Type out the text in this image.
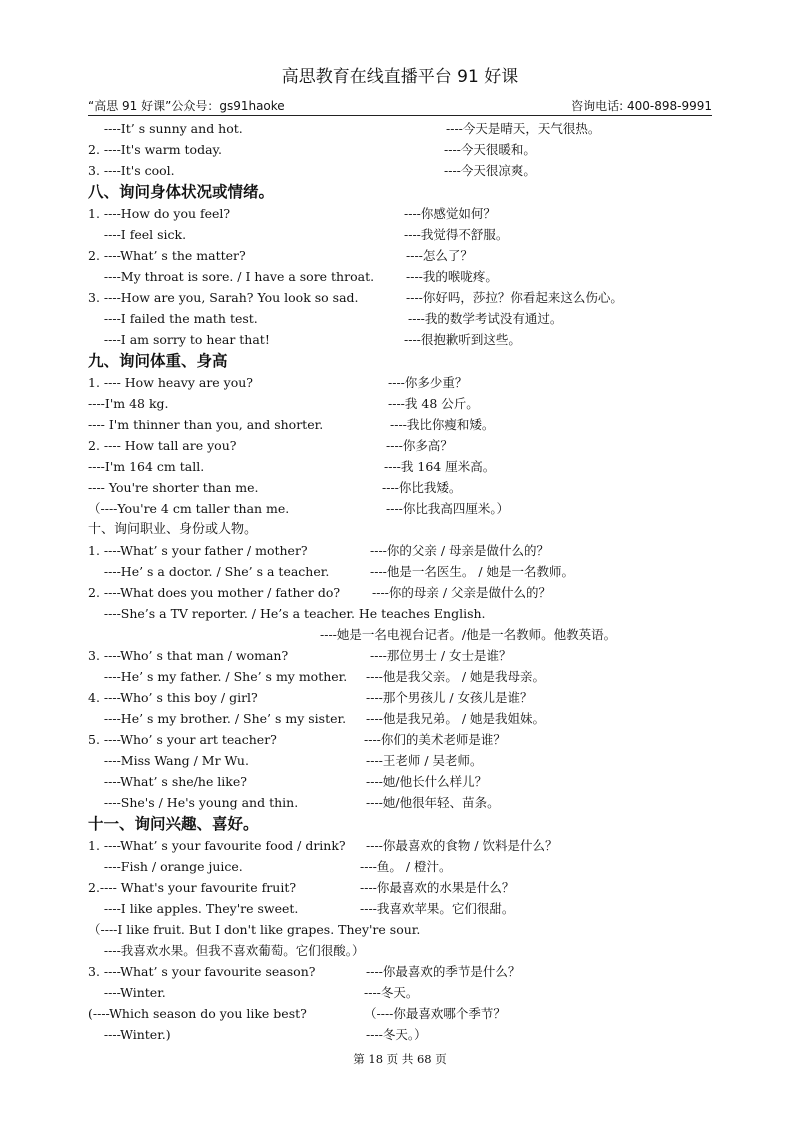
高思教育在线直播平台 91 好课
“高思 91 好课”公众号：gs91haoke	咨询电话: 400-898-9991
----It’ s sunny and hot.	----今天是晴天，天气很热。
2. ----It's warm today.	----今天很暖和。
3. ----It's cool.	----今天很凉爽。
八、询问身体状况或情绪。
1. ----How do you feel?	----你感觉如何？
----I feel sick.	----我觉得不舒服。
2. ----What’ s the matter?	----怎么了？
----My throat is sore. / I have a sore throat.	----我的喉咙疼。
3. ----How are you, Sarah? You look so sad.	----你好吗，莎拉？你看起来这么伤心。
----I failed the math test.	----我的数学考试没有通过。
----I am sorry to hear that!	----很抱歉听到这些。
九、询问体重、身高
1. ---- How heavy are you?	----你多少重？
----I'm 48 kg.	----我 48 公斤。
---- I'm thinner than you, and shorter.	----我比你瘦和矮。
2. ---- How tall are you?	----你多高？
----I'm 164 cm tall.	----我 164 厘米高。
---- You're shorter than me.	----你比我矮。
（----You're 4 cm taller than me.	----你比我高四厘米。）
十、询问职业、身份或人物。
1. ----What’ s your father / mother?	----你的父亲 / 母亲是做什么的？
----He’ s a doctor. / She’ s a teacher.	----他是一名医生。 / 她是一名教师。
2. ----What does you mother / father do?	----你的母亲 / 父亲是做什么的？
----She’s a TV reporter. / He’s a teacher. He teaches English.
----她是一名电视台记者。/他是一名教师。他教英语。
3. ----Who’ s that man / woman?	----那位男士 / 女士是谁？
----He’ s my father. / She’ s my mother. ----他是我父亲。 / 她是我母亲。
4. ----Who’ s this boy / girl?	----那个男孩儿 / 女孩儿是谁？
----He’ s my brother. / She’ s my sister. ----他是我兄弟。 / 她是我姐妹。
5. ----Who’ s your art teacher?	----你们的美术老师是谁？
----Miss Wang / Mr Wu.	----王老师 / 吴老师。
----What’ s she/he like?	----她/他长什么样儿？
----She's / He's young and thin.	----她/他很年轻、苗条。
十一、询问兴趣、喜好。
1. ----What’ s your favourite food / drink? ----你最喜欢的食物 / 饮料是什么？
----Fish / orange juice.	----鱼。 / 橙汁。
2.---- What's your favourite fruit?	----你最喜欢的水果是什么？
----I like apples. They're sweet.	----我喜欢苹果。它们很甜。
（----I like fruit. But I don't like grapes. They're sour.
----我喜欢水果。但我不喜欢葡萄。它们很酸。）
3. ----What’ s your favourite season?	----你最喜欢的季节是什么？
----Winter.	----冬天。
(----Which season do you like best?	（----你最喜欢哪个季节？
----Winter.)	----冬天。）
第 18 页 共 68 页
